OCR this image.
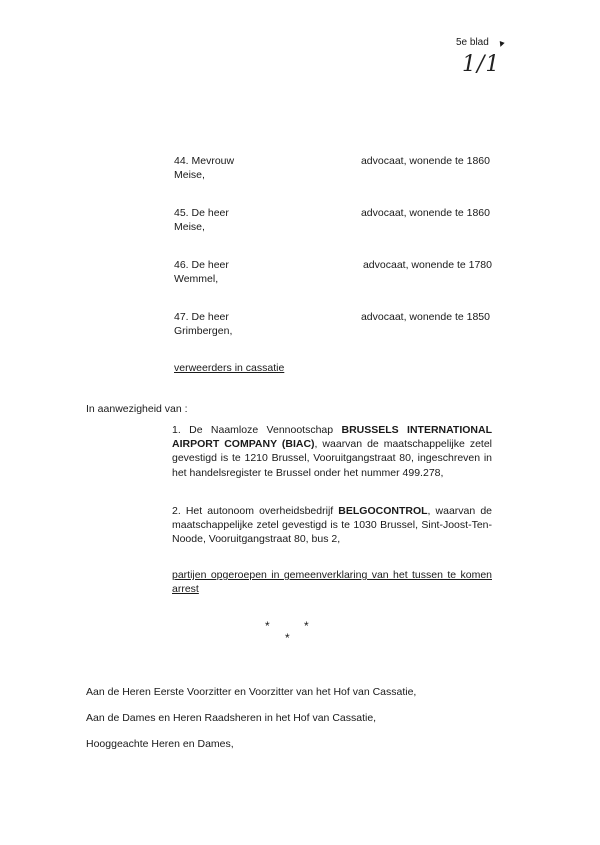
5e blad
1/1
▼
44. Mevrouw	advocaat, wonende te 1860
Meise,
45. De heer	advocaat, wonende te 1860
Meise,
46. De heer	advocaat, wonende te 1780
Wemmel,
47. De heer	advocaat, wonende te 1850
Grimbergen,
verweerders in cassatie
In aanwezigheid van :
1. De Naamloze Vennootschap BRUSSELS INTERNATIONAL AIRPORT COMPANY (BIAC), waarvan de maatschappelijke zetel gevestigd is te 1210 Brussel, Vooruitgangstraat 80, ingeschreven in het handelsregister te Brussel onder het nummer 499.278,
2. Het autonoom overheidsbedrijf BELGOCONTROL, waarvan de maatschappelijke zetel gevestigd is te 1030 Brussel, Sint-Joost-Ten-Noode, Vooruitgangstraat 80, bus 2,
partijen opgeroepen in gemeenverklaring van het tussen te komen arrest
*	*
*
Aan de Heren Eerste Voorzitter en Voorzitter van het Hof van Cassatie,
Aan de Dames en Heren Raadsheren in het Hof van Cassatie,
Hooggeachte Heren en Dames,
